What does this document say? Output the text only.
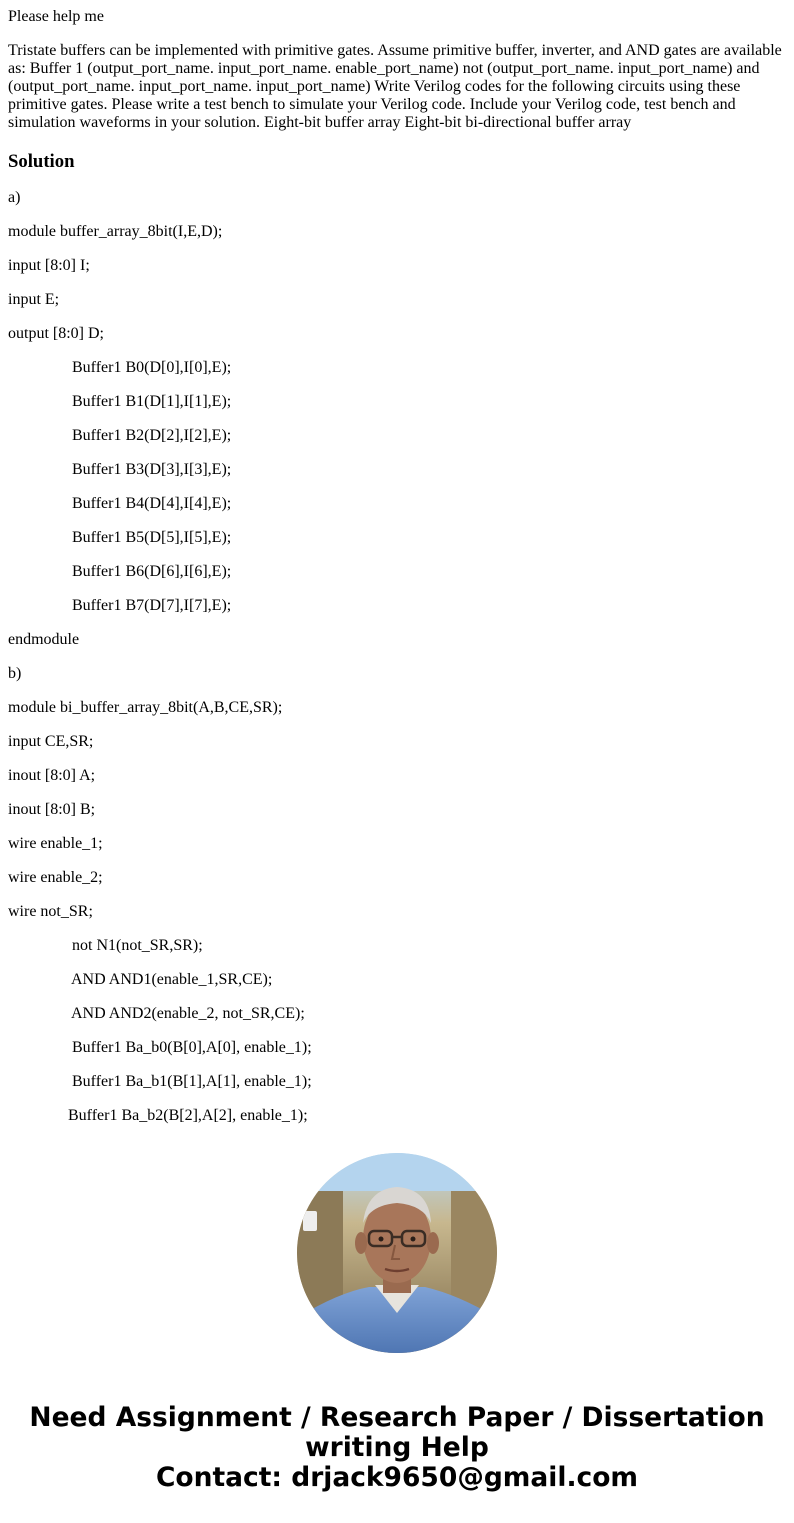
Please help me

Tristate buffers can be implemented with primitive gates. Assume primitive buffer, inverter, and AND gates are available as: Buffer 1 (output_port_name. input_port_name. enable_port_name) not (output_port_name. input_port_name) and (output_port_name. input_port_name. input_port_name) Write Verilog codes for the following circuits using these primitive gates. Please write a test bench to simulate your Verilog code. Include your Verilog code, test bench and simulation waveforms in your solution. Eight-bit buffer array Eight-bit bi-directional buffer array

Solution
a)
module buffer_array_8bit(I,E,D);
input [8:0] I;
input E;
output [8:0] D;
Buffer1 B0(D[0],I[0],E);
Buffer1 B1(D[1],I[1],E);
Buffer1 B2(D[2],I[2],E);
Buffer1 B3(D[3],I[3],E);
Buffer1 B4(D[4],I[4],E);
Buffer1 B5(D[5],I[5],E);
Buffer1 B6(D[6],I[6],E);
Buffer1 B7(D[7],I[7],E);
endmodule
b)
module bi_buffer_array_8bit(A,B,CE,SR);
input CE,SR;
inout [8:0] A;
inout [8:0] B;
wire enable_1;
wire enable_2;
wire not_SR;
not N1(not_SR,SR);
AND AND1(enable_1,SR,CE);
AND AND2(enable_2, not_SR,CE);
Buffer1 Ba_b0(B[0],A[0], enable_1);
Buffer1 Ba_b1(B[1],A[1], enable_1);
Buffer1 Ba_b2(B[2],A[2], enable_1);
Need Assignment / Research Paper / Dissertation
writing Help
Contact: drjack9650@gmail.com
